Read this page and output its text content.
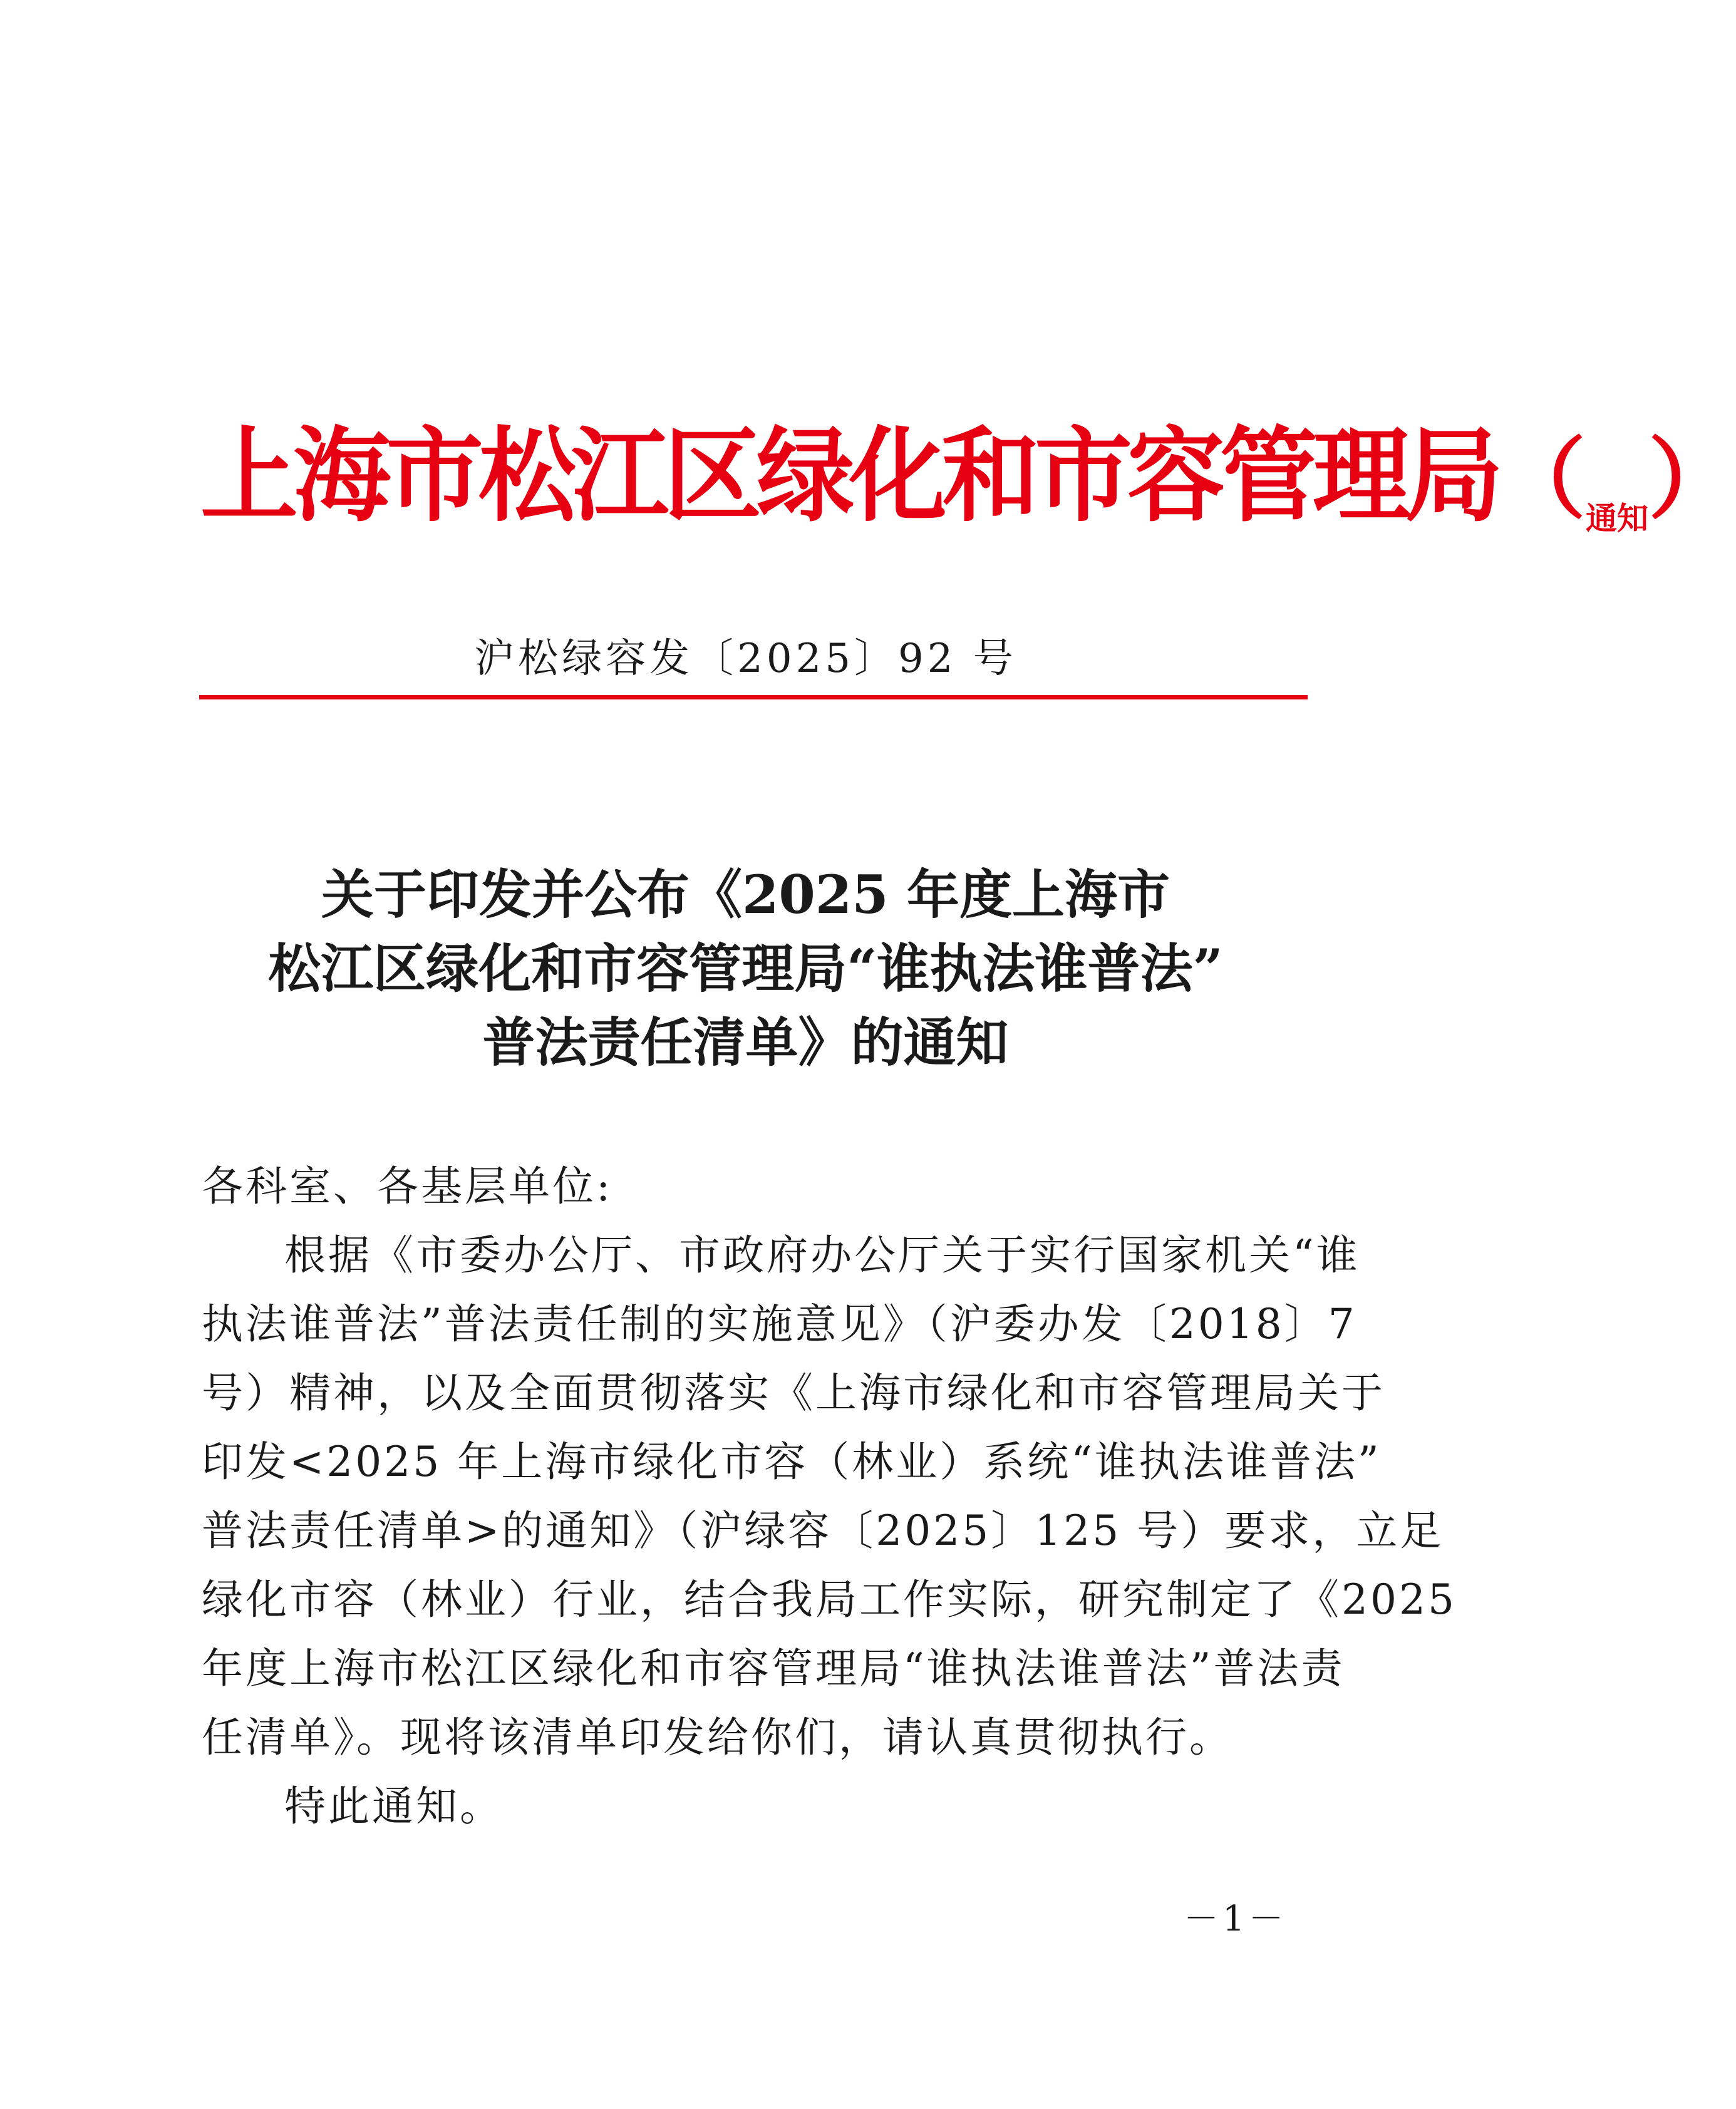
上海市松江区绿化和市容管理局（通知）
沪松绿容发〔2025〕92 号
关于印发并公布《2025 年度上海市
松江区绿化和市容管理局“谁执法谁普法”
普法责任清单》的通知
各科室、各基层单位:
根据《市委办公厅、市政府办公厅关于实行国家机关“谁
执法谁普法”普法责任制的实施意见》（沪委办发〔2018〕7
号）精神，以及全面贯彻落实《上海市绿化和市容管理局关于
印发<2025 年上海市绿化市容（林业）系统“谁执法谁普法”
普法责任清单>的通知》（沪绿容〔2025〕125 号）要求，立足
绿化市容（林业）行业，结合我局工作实际，研究制定了《2025
年度上海市松江区绿化和市容管理局“谁执法谁普法”普法责
任清单》。现将该清单印发给你们，请认真贯彻执行。
特此通知。
－1－
